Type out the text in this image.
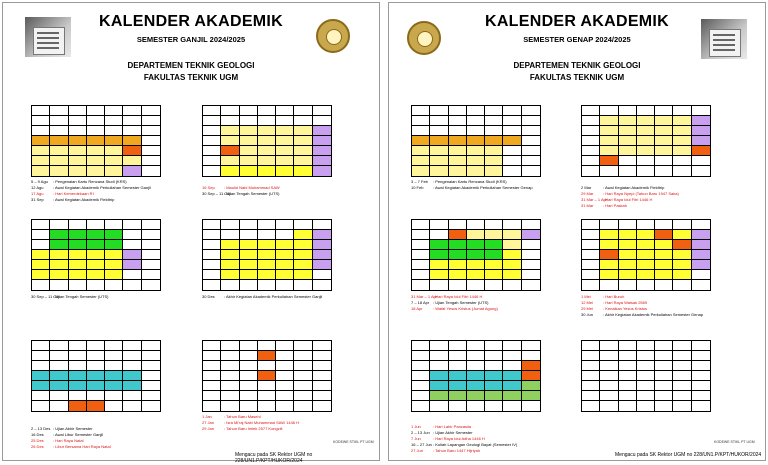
KALENDER AKADEMIK
SEMESTER GANJIL 2024/2025
DEPARTEMEN TEKNIK GEOLOGI
FAKULTAS TEKNIK UGM
5 – 9 Agu : Pengenalan Kartu Rencana Studi (KRS)
12 Agu : Awal Kegiatan Akademik Perkuliahan Semester Ganjil
17 Agu : Hari Kemerdekaan RI
31 Sep : Awal Kegiatan Akademik Fieldtrip
16 Sep : Maulid Nabi Muhammad SAW
30 Sep – 11 Okt: Ujian Tengah Semester (UTS)
30 Sep – 11 Okt: Ujian Tengah Semester (UTS)	30 Des : Akhir Kegiatan Akademik Perkuliahan Semester Ganjil
2 – 13 Des : Ujian Akhir Semester
16 Des : Awal Libur Semester Ganjil
25 Des : Hari Raya Natal
26 Des : Libur Bersama Hari Raya Natal
1 Jan	: Tahun Baru Masehi
27 Jan : Isra Mi'raj Nabi Muhammad SAW 1446 H
29 Jan : Tahun Baru Imlek 2577 Kongzili
KODEWE STIKL PT UGM
Mengacu pada SK Rektor UGM no 228/UN1.P/KPT/HUKOR/2024
KALENDER AKADEMIK
SEMESTER GENAP 2024/2025
DEPARTEMEN TEKNIK GEOLOGI
FAKULTAS TEKNIK UGM
3 – 7 Feb : Pengenalan Kartu Rencana Studi (KRS)
10 Feb : Awal Kegiatan Akademik Perkuliahan Semester Genap	2 Mar	: Awal Kegiatan Akademik Fieldtrip
29 Mar : Hari Raya Nyepi (Tahun Baru 1947 Saka)
31 Mar – 1 Apr: Hari Raya Idul Fitri 1446 H
31 Mar : Hari Paskah
31 Mar – 1 Apr: Hari Raya Idul Fitri 1446 H
7 – 18 Apr : Ujian Tengah Semester (UTS)
18 Apr	: Wafat Yesus Kristus (Jumat Agung)
1 Mei	: Hari Buruh
12 Mei : Hari Raya Waisak 2569
29 Mei : Kenaikan Yesus Kristus
30 Jun : Akhir Kegiatan Akademik Perkuliahan Semester Genap
1 Jun	: Hari Lahir Pancasila
2 – 13 Jun : Ujian Akhir Semester
7 Jun	: Hari Raya Idul Adha 1446 H
16 – 27 Jun: Kuliah Lapangan Geologi Bayat (Semester IV)
27 Jun : Tahun Baru 1447 Hijriyah
KODEWE STIKL PT UGM
Mengacu pada SK Rektor UGM no 228/UN1.P/KPT/HUKOR/2024
